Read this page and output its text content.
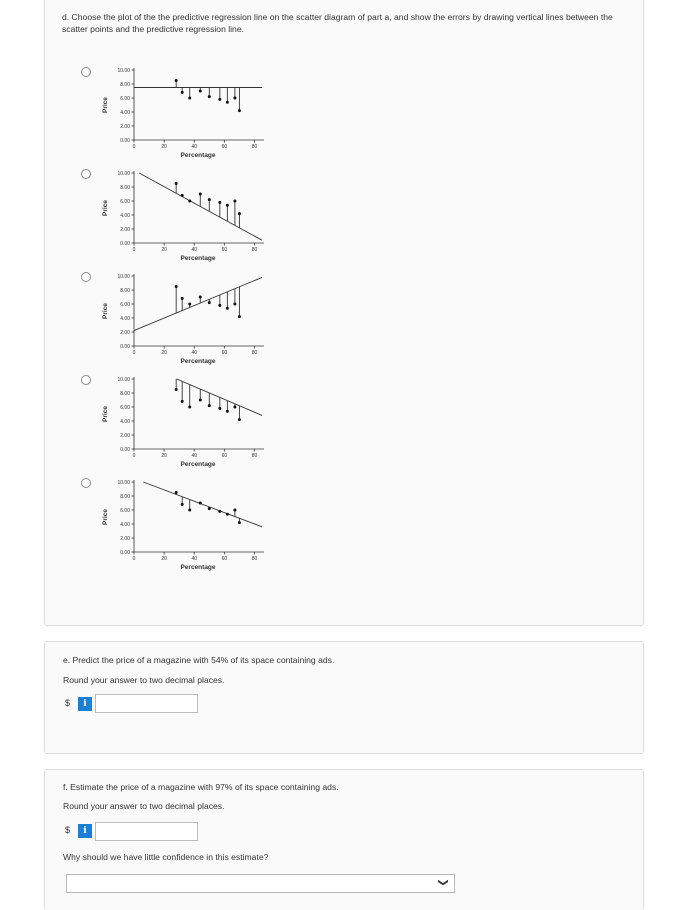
d. Choose the plot of the the predictive regression line on the scatter diagram of part a, and show the errors by drawing vertical lines between the scatter points and the predictive regression line.
10.00
8.00
6.00
4.00
2.00
0.00
0	20	40	60	80
Percentage
Price
10.00
8.00
6.00
4.00
2.00
0.00
0	20	40	60	80
Percentage
Price
10.00
8.00
6.00
4.00
2.00
0.00
0	20	40	60	80
Percentage
Price
10.00
8.00
6.00
4.00
2.00
0.00
0	20	40	60	80
Percentage
Price
10.00
8.00
6.00
4.00
2.00
0.00
0	20	40	60	80
Percentage
Price
e. Predict the price of a magazine with 54% of its space containing ads.
Round your answer to two decimal places.
$	i
f. Estimate the price of a magazine with 97% of its space containing ads.
Round your answer to two decimal places.
$	i
Why should we have little confidence in this estimate?
❯
